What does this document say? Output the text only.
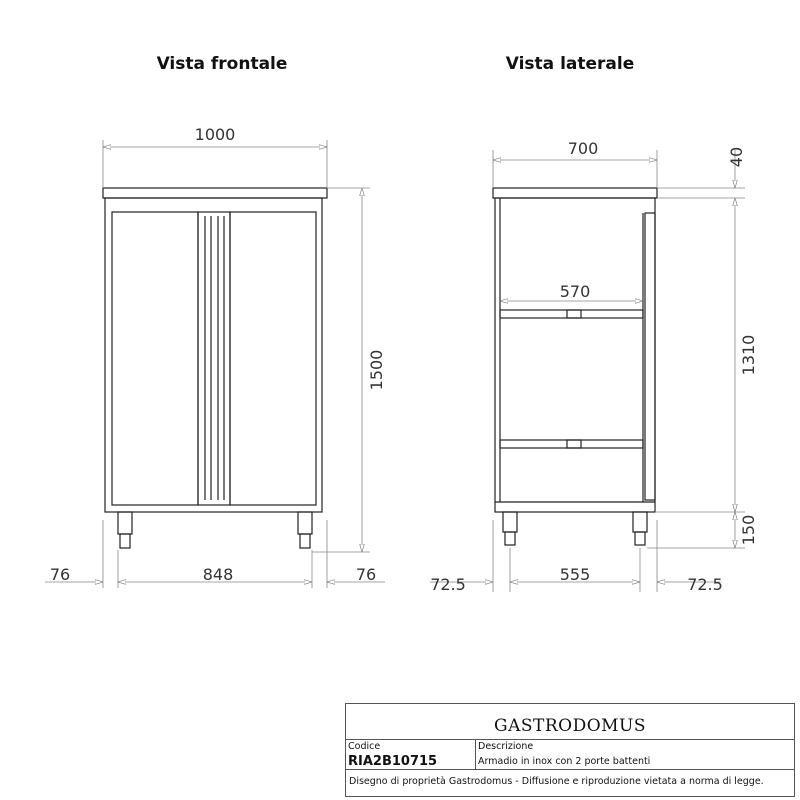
Vista frontale	Vista laterale
1000
1500
76	848	76
700
570
40
1310
150
72.5
555
72.5
GASTRODOMUS
Codice
RIA2B10715
Descrizione
Armadio in inox con 2 porte battenti
Disegno di proprietà Gastrodomus - Diffusione e riproduzione vietata a norma di legge.
